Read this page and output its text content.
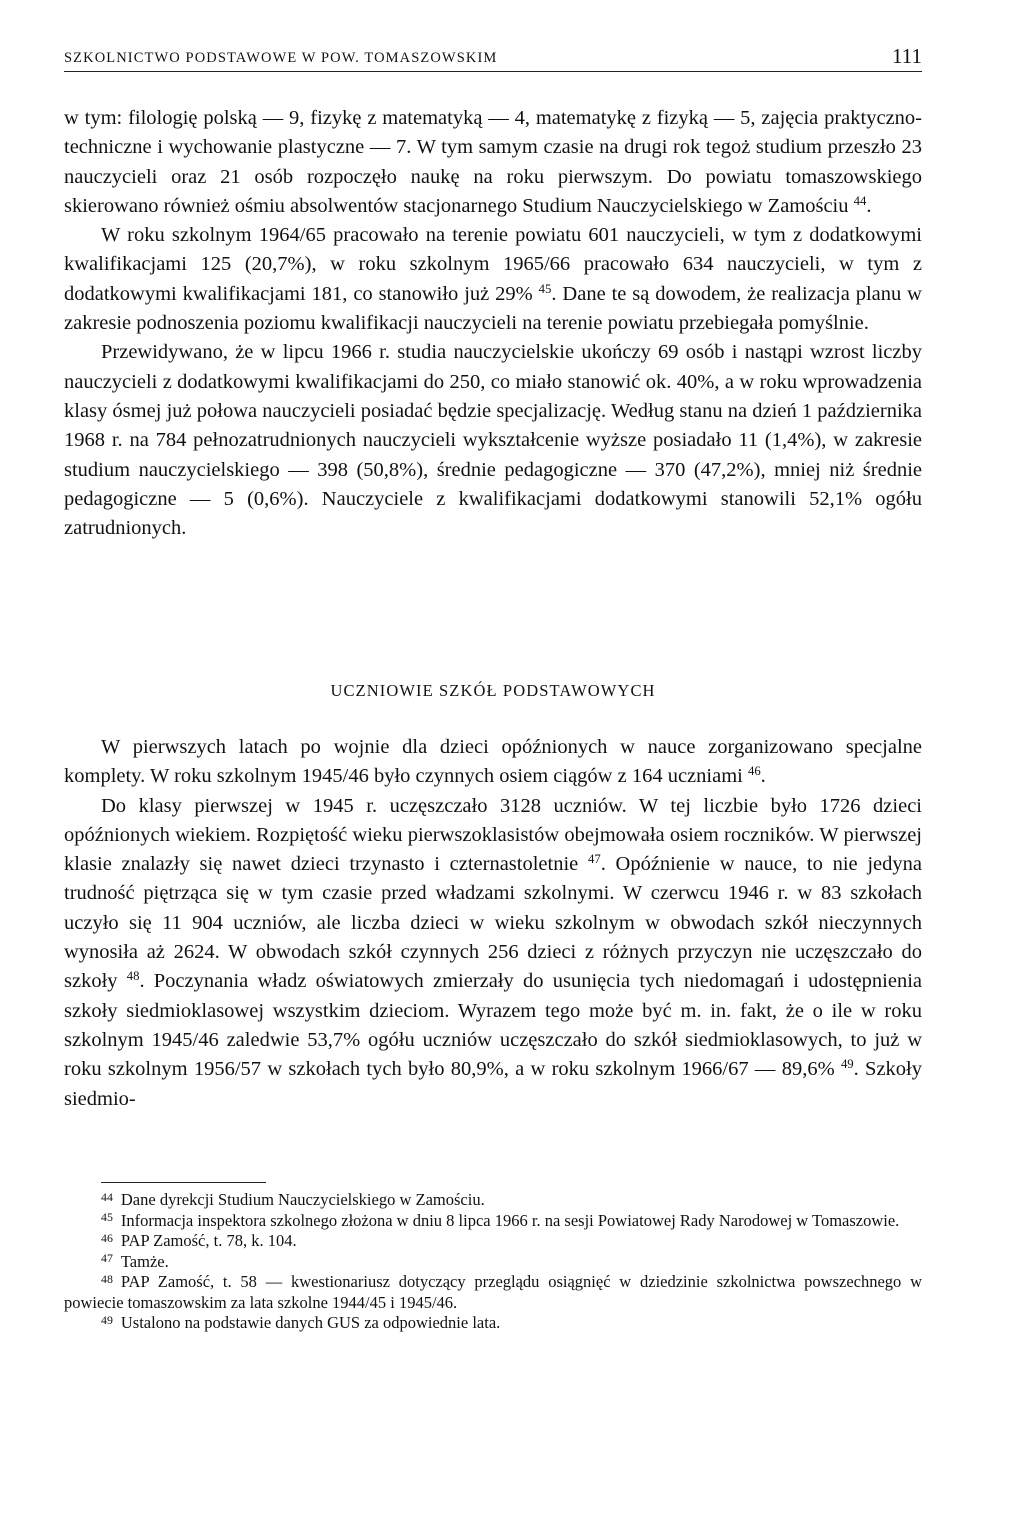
SZKOLNICTWO PODSTAWOWE W POW. TOMASZOWSKIM	111

w tym: filologię polską — 9, fizykę z matematyką — 4, matematykę z fizyką — 5, zajęcia praktyczno-techniczne i wychowanie plastyczne — 7. W tym samym czasie na drugi rok tegoż studium przeszło 23 nauczycieli oraz 21 osób rozpoczęło naukę na roku pierwszym. Do powiatu tomaszowskiego skierowano również ośmiu absolwentów stacjonarnego Studium Nauczycielskiego w Zamościu $^{44}$.

W roku szkolnym 1964/65 pracowało na terenie powiatu 601 nauczycieli, w tym z dodatkowymi kwalifikacjami 125 (20,7%), w roku szkolnym 1965/66 pracowało 634 nauczycieli, w tym z dodatkowymi kwalifikacjami 181, co stanowiło już 29% $^{45}$. Dane te są dowodem, że realizacja planu w zakresie podnoszenia poziomu kwalifikacji nauczycieli na terenie powiatu przebiegała pomyślnie.

Przewidywano, że w lipcu 1966 r. studia nauczycielskie ukończy 69 osób i nastąpi wzrost liczby nauczycieli z dodatkowymi kwalifikacjami do 250, co miało stanowić ok. 40%, a w roku wprowadzenia klasy ósmej już połowa nauczycieli posiadać będzie specjalizację. Według stanu na dzień 1 października 1968 r. na 784 pełnozatrudnionych nauczycieli wykształcenie wyższe posiadało 11 (1,4%), w zakresie studium nauczycielskiego — 398 (50,8%), średnie pedagogiczne — 370 (47,2%), mniej niż średnie pedagogiczne — 5 (0,6%). Nauczyciele z kwalifikacjami dodatkowymi stanowili 52,1% ogółu zatrudnionych.

UCZNIOWIE SZKÓŁ PODSTAWOWYCH

W pierwszych latach po wojnie dla dzieci opóźnionych w nauce zorganizowano specjalne komplety. W roku szkolnym 1945/46 było czynnych osiem ciągów z 164 uczniami $^{46}$.

Do klasy pierwszej w 1945 r. uczęszczało 3128 uczniów. W tej liczbie było 1726 dzieci opóźnionych wiekiem. Rozpiętość wieku pierwszoklasistów obejmowała osiem roczników. W pierwszej klasie znalazły się nawet dzieci trzynasto i czternastoletnie $^{47}$. Opóźnienie w nauce, to nie jedyna trudność piętrząca się w tym czasie przed władzami szkolnymi. W czerwcu 1946 r. w 83 szkołach uczyło się 11 904 uczniów, ale liczba dzieci w wieku szkolnym w obwodach szkół nieczynnych wynosiła aż 2624. W obwodach szkół czynnych 256 dzieci z różnych przyczyn nie uczęszczało do szkoły $^{48}$. Poczynania władz oświatowych zmierzały do usunięcia tych niedomagań i udostępnienia szkoły siedmioklasowej wszystkim dzieciom. Wyrazem tego może być m. in. fakt, że o ile w roku szkolnym 1945/46 zaledwie 53,7% ogółu uczniów uczęszczało do szkół siedmioklasowych, to już w roku szkolnym 1956/57 w szkołach tych było 80,9%, a w roku szkolnym 1966/67 — 89,6% $^{49}$. Szkoły siedmio-

$^{44}$ Dane dyrekcji Studium Nauczycielskiego w Zamościu.

$^{45}$ Informacja inspektora szkolnego złożona w dniu 8 lipca 1966 r. na sesji Powiatowej Rady Narodowej w Tomaszowie.

$^{46}$ PAP Zamość, t. 78, k. 104.

$^{47}$ Tamże.

$^{48}$ PAP Zamość, t. 58 — kwestionariusz dotyczący przeglądu osiągnięć w dziedzinie szkolnictwa powszechnego w powiecie tomaszowskim za lata szkolne 1944/45 i 1945/46.

$^{49}$ Ustalono na podstawie danych GUS za odpowiednie lata.
